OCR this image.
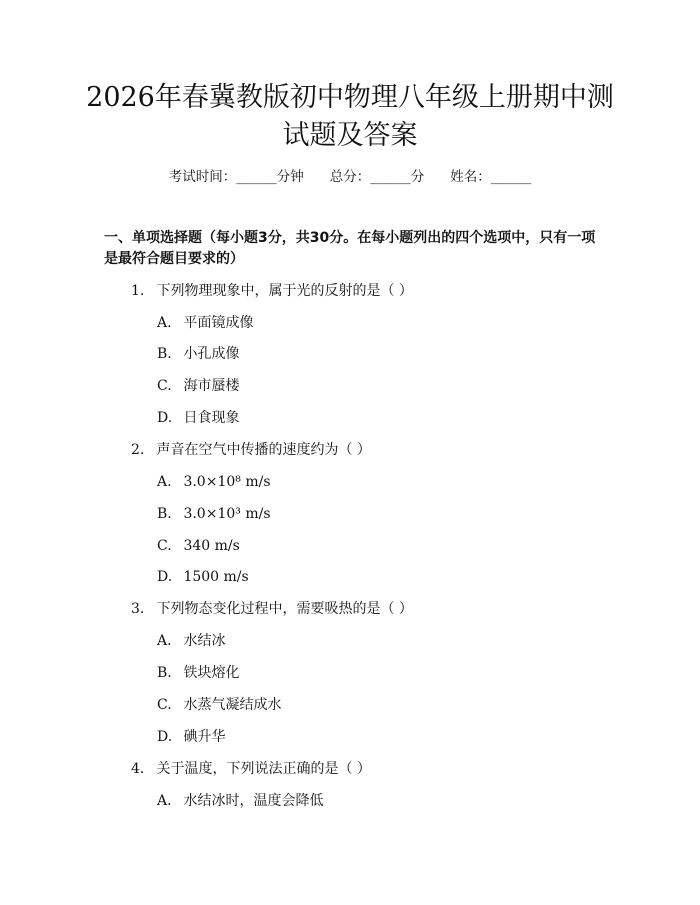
2026年春冀教版初中物理八年级上册期中测
试题及答案
考试时间：______分钟 总分：______分 姓名：______
一、单项选择题（每小题3分，共30分。在每小题列出的四个选项中，只有一项
是最符合题目要求的）
1. 下列物理现象中，属于光的反射的是（ ）
A. 平面镜成像
B. 小孔成像
C. 海市蜃楼
D. 日食现象
2. 声音在空气中传播的速度约为（ ）
A. 3.0×10⁸ m/s
B. 3.0×10³ m/s
C. 340 m/s
D. 1500 m/s
3. 下列物态变化过程中，需要吸热的是（ ）
A. 水结冰
B. 铁块熔化
C. 水蒸气凝结成水
D. 碘升华
4. 关于温度，下列说法正确的是（ ）
A. 水结冰时，温度会降低
